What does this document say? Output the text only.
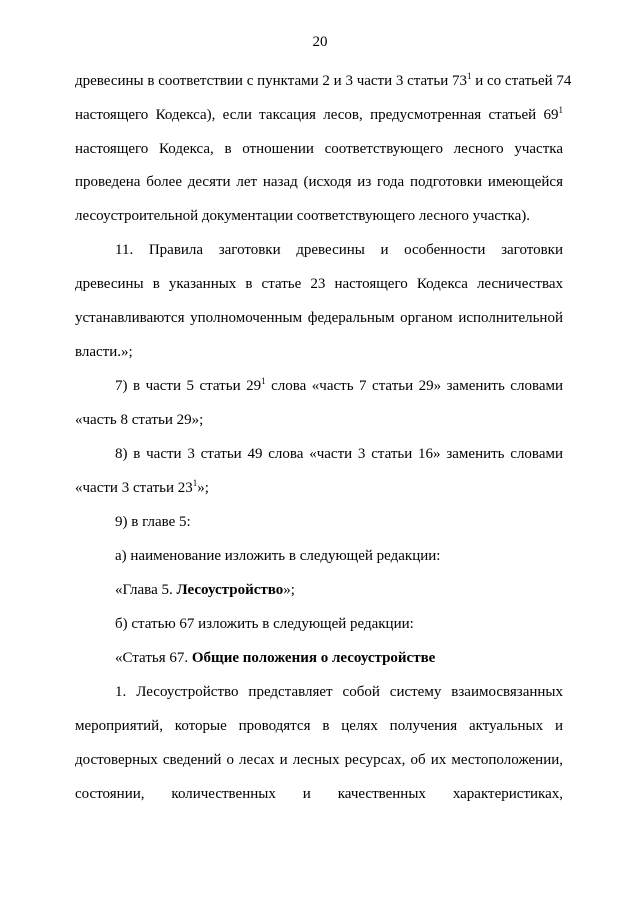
20
древесины в соответствии с пунктами 2 и 3 части 3 статьи $73^1$ и со статьей 74
настоящего Кодекса), если таксация лесов, предусмотренная статьей $69^1$
настоящего Кодекса, в отношении соответствующего лесного участка
проведена более десяти лет назад (исходя из года подготовки имеющейся
лесоустроительной документации соответствующего лесного участка).
11. Правила заготовки древесины и особенности заготовки
древесины в указанных в статье 23 настоящего Кодекса лесничествах
устанавливаются уполномоченным федеральным органом исполнительной
власти.»;
7) в части 5 статьи $29^1$ слова «часть 7 статьи 29» заменить словами
«часть 8 статьи 29»;
8) в части 3 статьи 49 слова «части 3 статьи 16» заменить словами
«части 3 статьи $23^1$»;
9) в главе 5:
а) наименование изложить в следующей редакции:
«Глава 5. Лесоустройство»;
б) статью 67 изложить в следующей редакции:
«Статья 67. Общие положения о лесоустройстве
1. Лесоустройство представляет собой систему взаимосвязанных
мероприятий, которые проводятся в целях получения актуальных и
достоверных сведений о лесах и лесных ресурсах, об их местоположении,
состоянии, количественных и качественных характеристиках,
